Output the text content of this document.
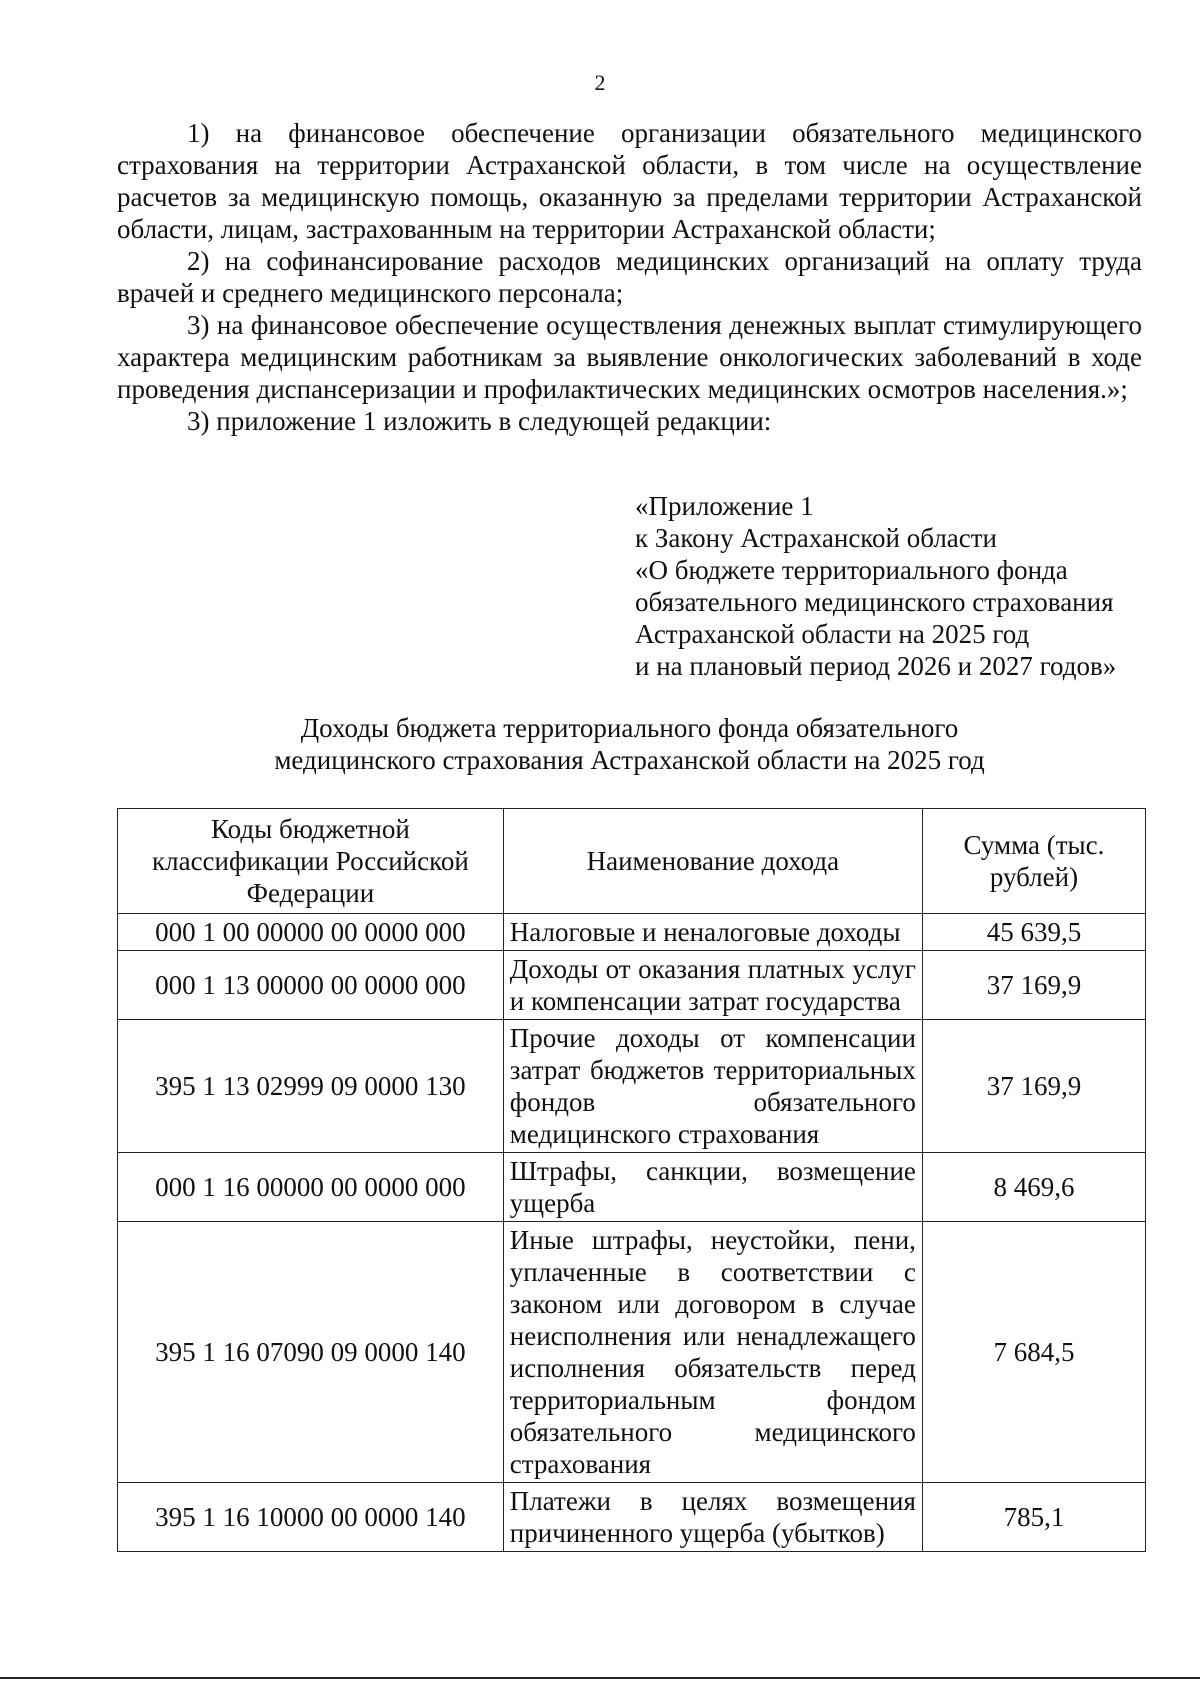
2

1) на финансовое обеспечение организации обязательного медицинского страхования на территории Астраханской области, в том числе на осуществление расчетов за медицинскую помощь, оказанную за пределами территории Астраханской области, лицам, застрахованным на территории Астраханской области;

2) на софинансирование расходов медицинских организаций на оплату труда врачей и среднего медицинского персонала;

3) на финансовое обеспечение осуществления денежных выплат стимулирующего характера медицинским работникам за выявление онкологических заболеваний в ходе проведения диспансеризации и профилактических медицинских осмотров населения.»;

3) приложение 1 изложить в следующей редакции:

«Приложение 1
к Закону Астраханской области
«О бюджете территориального фонда
обязательного медицинского страхования
Астраханской области на 2025 год
и на плановый период 2026 и 2027 годов»
Доходы бюджета территориального фонда обязательного
медицинского страхования Астраханской области на 2025 год
Коды бюджетной классификации Российской Федерации	Наименование дохода	Сумма (тыс. рублей)
000 1 00 00000 00 0000 000	Налоговые и неналоговые доходы	45 639,5
000 1 13 00000 00 0000 000	Доходы от оказания платных услуг и компенсации затрат государства	37 169,9
395 1 13 02999 09 0000 130	Прочие доходы от компенсации затрат бюджетов территориальных фондов обязательного медицинского страхования	37 169,9
000 1 16 00000 00 0000 000	Штрафы, санкции, возмещение ущерба	8 469,6
395 1 16 07090 09 0000 140	Иные штрафы, неустойки, пени, уплаченные в соответствии с законом или договором в случае неисполнения или ненадлежащего исполнения обязательств перед территориальным фондом обязательного медицинского страхования	7 684,5
395 1 16 10000 00 0000 140	Платежи в целях возмещения причиненного ущерба (убытков)	785,1
